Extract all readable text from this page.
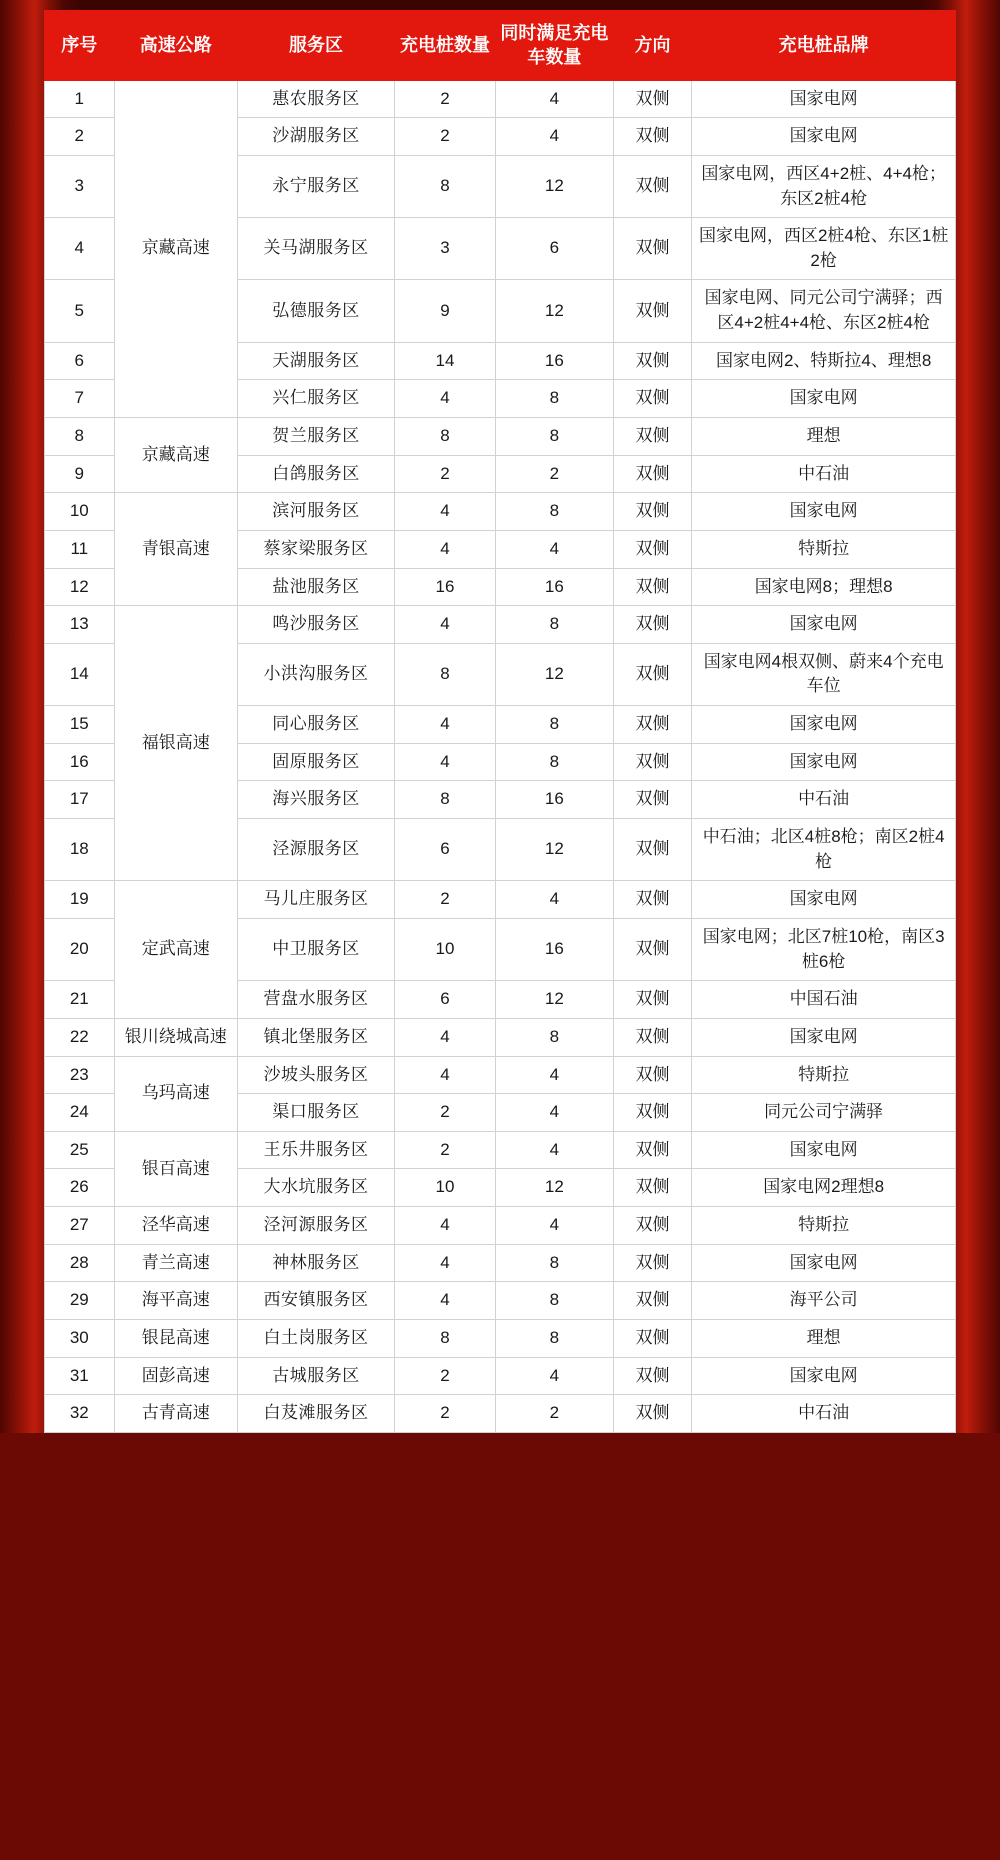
序号	高速公路	服务区	充电桩数量	同时满足充电车数量	方向	充电桩品牌
1	京藏高速	惠农服务区	2	4	双侧	国家电网
2		沙湖服务区	2	4	双侧	国家电网
3		永宁服务区	8	12	双侧	国家电网，西区4+2桩、4+4枪；东区2桩4枪
4		关马湖服务区	3	6	双侧	国家电网，西区2桩4枪、东区1桩2枪
5		弘德服务区	9	12	双侧	国家电网、同元公司宁满驿；西区4+2桩4+4枪、东区2桩4枪
6		天湖服务区	14	16	双侧	国家电网2、特斯拉4、理想8
7		兴仁服务区	4	8	双侧	国家电网
8	京藏高速	贺兰服务区	8	8	双侧	理想
9		白鸽服务区	2	2	双侧	中石油
10	青银高速	滨河服务区	4	8	双侧	国家电网
11		蔡家梁服务区	4	4	双侧	特斯拉
12		盐池服务区	16	16	双侧	国家电网8；理想8
13	福银高速	鸣沙服务区	4	8	双侧	国家电网
14		小洪沟服务区	8	12	双侧	国家电网4根双侧、蔚来4个充电车位
15		同心服务区	4	8	双侧	国家电网
16		固原服务区	4	8	双侧	国家电网
17		海兴服务区	8	16	双侧	中石油
18		泾源服务区	6	12	双侧	中石油；北区4桩8枪；南区2桩4枪
19	定武高速	马儿庄服务区	2	4	双侧	国家电网
20		中卫服务区	10	16	双侧	国家电网；北区7桩10枪，南区3桩6枪
21		营盘水服务区	6	12	双侧	中国石油
22	银川绕城高速	镇北堡服务区	4	8	双侧	国家电网
23	乌玛高速	沙坡头服务区	4	4	双侧	特斯拉
24		渠口服务区	2	4	双侧	同元公司宁满驿
25	银百高速	王乐井服务区	2	4	双侧	国家电网
26		大水坑服务区	10	12	双侧	国家电网2理想8
27	泾华高速	泾河源服务区	4	4	双侧	特斯拉
28	青兰高速	神林服务区	4	8	双侧	国家电网
29	海平高速	西安镇服务区	4	8	双侧	海平公司
30	银昆高速	白土岗服务区	8	8	双侧	理想
31	固彭高速	古城服务区	2	4	双侧	国家电网
32	古青高速	白芨滩服务区	2	2	双侧	中石油
